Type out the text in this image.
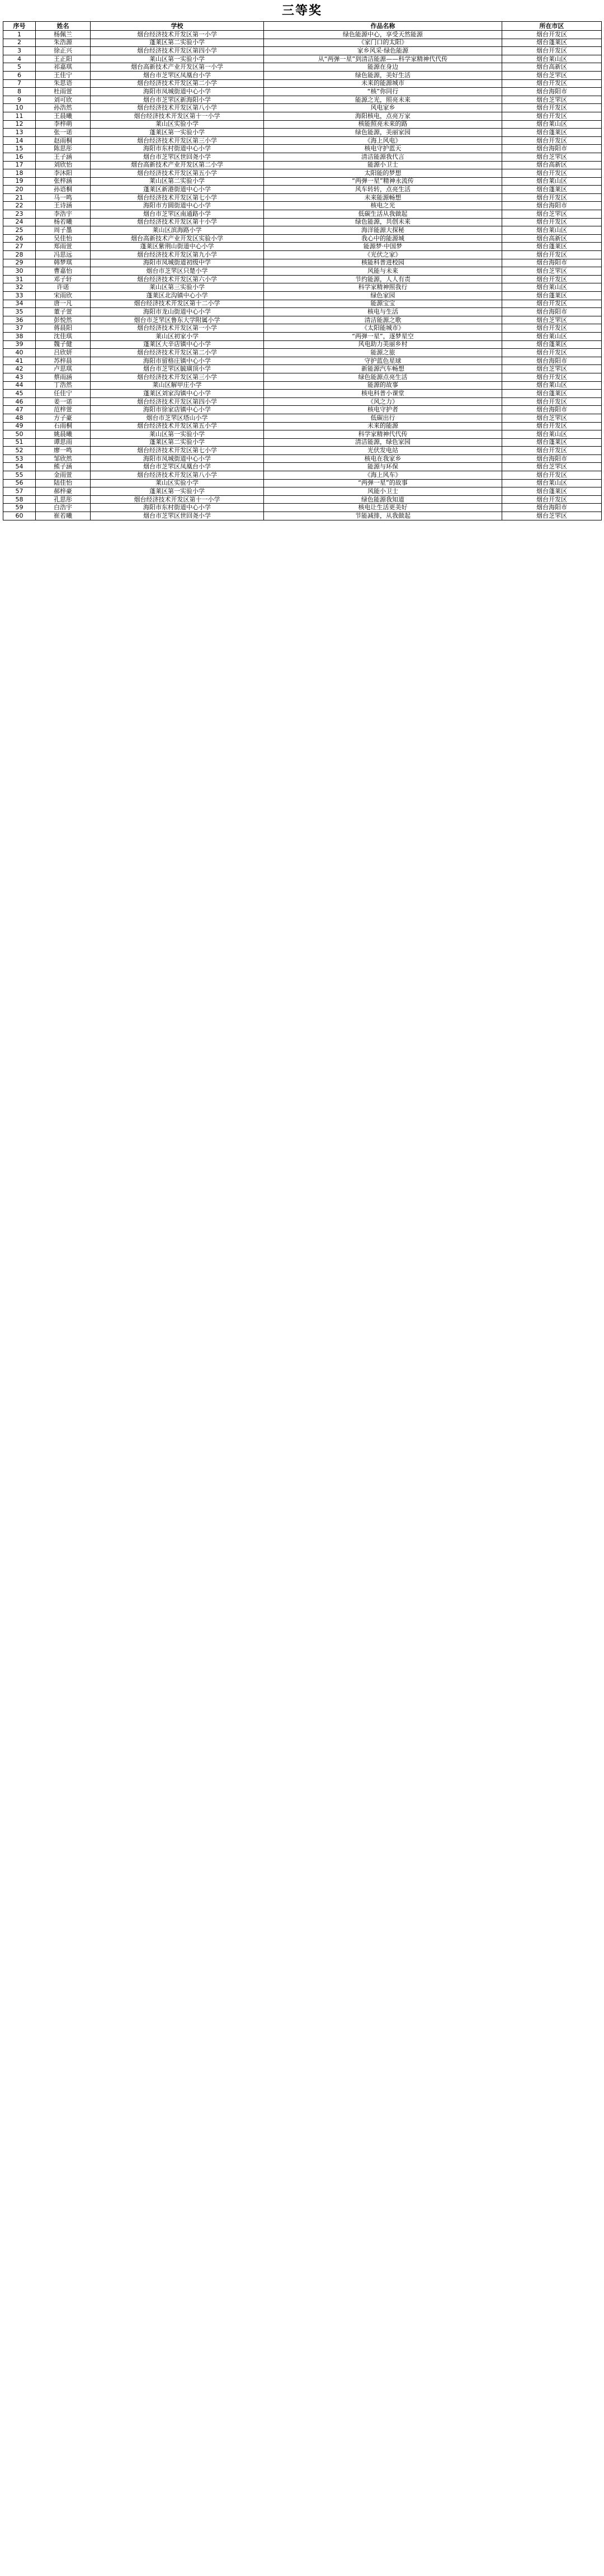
三等奖
序号	姓名	学校	作品名称	所在市区
1	杨佩兰	烟台经济技术开发区第一小学	绿色能源中心，享受天然能源	烟台开发区
2	朱浩源	蓬莱区第二实验小学	《家门口的太阳》	烟台蓬莱区
3	徐正兴	烟台经济技术开发区第四小学	家乡风采·绿色能源	烟台开发区
4	王正阳	莱山区第一实验小学	从“两弹一星”到清洁能源——科学家精神代代传	烟台莱山区
5	祁嘉琪	烟台高新技术产业开发区第一小学	能源在身边	烟台高新区
6	王佳宁	烟台市芝罘区凤凰台小学	绿色能源，美好生活	烟台芝罘区
7	朱思语	烟台经济技术开发区第二小学	未来的能源城市	烟台开发区
8	杜雨萱	海阳市凤城街道中心小学	“核”你同行	烟台海阳市
9	刘可欣	烟台市芝罘区新海阳小学	能源之光，照亮未来	烟台芝罘区
10	孙浩然	烟台经济技术开发区第八小学	风电家乡	烟台开发区
11	王晨曦	烟台经济技术开发区第十一小学	海阳核电，点亮万家	烟台开发区
12	李梓萌	莱山区实验小学	核能照亮未来的路	烟台莱山区
13	张一诺	蓬莱区第一实验小学	绿色能源，美丽家园	烟台蓬莱区
14	赵雨桐	烟台经济技术开发区第三小学	《海上风电》	烟台开发区
15	陈思彤	海阳市东村街道中心小学	核电守护蓝天	烟台海阳市
16	王子涵	烟台市芝罘区世回尧小学	清洁能源我代言	烟台芝罘区
17	刘欣怡	烟台高新技术产业开发区第二小学	能源小卫士	烟台高新区
18	李沐阳	烟台经济技术开发区第五小学	太阳能的梦想	烟台开发区
19	张梓涵	莱山区第二实验小学	“两弹一星”精神永流传	烟台莱山区
20	孙语桐	蓬莱区新港街道中心小学	风车转转，点亮生活	烟台蓬莱区
21	马一鸣	烟台经济技术开发区第七小学	未来能源畅想	烟台开发区
22	王诗涵	海阳市方圆街道中心小学	核电之光	烟台海阳市
23	李浩宇	烟台市芝罘区南通路小学	低碳生活从我做起	烟台芝罘区
24	杨若曦	烟台经济技术开发区第十小学	绿色能源，共创未来	烟台开发区
25	周子墨	莱山区滨海路小学	海洋能源大探秘	烟台莱山区
26	吴佳怡	烟台高新技术产业开发区实验小学	我心中的能源城	烟台高新区
27	郑雨萱	蓬莱区紫荆山街道中心小学	能源梦·中国梦	烟台蓬莱区
28	冯思远	烟台经济技术开发区第九小学	《光伏之家》	烟台开发区
29	韩梦琪	海阳市凤城街道初级中学	核能科普进校园	烟台海阳市
30	曹嘉怡	烟台市芝罘区只楚小学	风能与未来	烟台芝罘区
31	邓子轩	烟台经济技术开发区第六小学	节约能源，人人有责	烟台开发区
32	许诺	莱山区第三实验小学	科学家精神照我行	烟台莱山区
33	宋雨欣	蓬莱区北沟镇中心小学	绿色家园	烟台蓬莱区
34	唐一凡	烟台经济技术开发区第十二小学	能源宝宝	烟台开发区
35	董子萱	海阳市龙山街道中心小学	核电与生活	烟台海阳市
36	彭悦然	烟台市芝罘区鲁东大学附属小学	清洁能源之歌	烟台芝罘区
37	蒋晨阳	烟台经济技术开发区第一小学	《太阳能城市》	烟台开发区
38	沈佳琪	莱山区初家小学	“两弹一星”，逐梦星空	烟台莱山区
39	魏子健	蓬莱区大辛店镇中心小学	风电助力美丽乡村	烟台蓬莱区
40	吕欣妍	烟台经济技术开发区第二小学	能源之旅	烟台开发区
41	苏梓晨	海阳市留格庄镇中心小学	守护蓝色星球	烟台海阳市
42	卢思琪	烟台市芝罘区毓璜顶小学	新能源汽车畅想	烟台芝罘区
43	蔡雨涵	烟台经济技术开发区第三小学	绿色能源点亮生活	烟台开发区
44	丁浩然	莱山区解甲庄小学	能源的故事	烟台莱山区
45	任佳宁	蓬莱区刘家沟镇中心小学	核电科普小课堂	烟台蓬莱区
46	姜一诺	烟台经济技术开发区第四小学	《风之力》	烟台开发区
47	范梓萱	海阳市徐家店镇中心小学	核电守护者	烟台海阳市
48	方子豪	烟台市芝罘区塔山小学	低碳出行	烟台芝罘区
49	石雨桐	烟台经济技术开发区第五小学	未来的能源	烟台开发区
50	姚晨曦	莱山区第一实验小学	科学家精神代代传	烟台莱山区
51	谭思雨	蓬莱区第二实验小学	清洁能源，绿色家园	烟台蓬莱区
52	廖一鸣	烟台经济技术开发区第七小学	光伏发电站	烟台开发区
53	邹欣然	海阳市凤城街道中心小学	核电在我家乡	烟台海阳市
54	熊子涵	烟台市芝罘区凤凰台小学	能源与环保	烟台芝罘区
55	金雨萱	烟台经济技术开发区第八小学	《海上风车》	烟台开发区
56	陆佳怡	莱山区实验小学	“两弹一星”的故事	烟台莱山区
57	郝梓豪	蓬莱区第一实验小学	风能小卫士	烟台蓬莱区
58	孔思彤	烟台经济技术开发区第十一小学	绿色能源我知道	烟台开发区
59	白浩宇	海阳市东村街道中心小学	核电让生活更美好	烟台海阳市
60	崔若曦	烟台市芝罘区世回尧小学	节能减排，从我做起	烟台芝罘区
